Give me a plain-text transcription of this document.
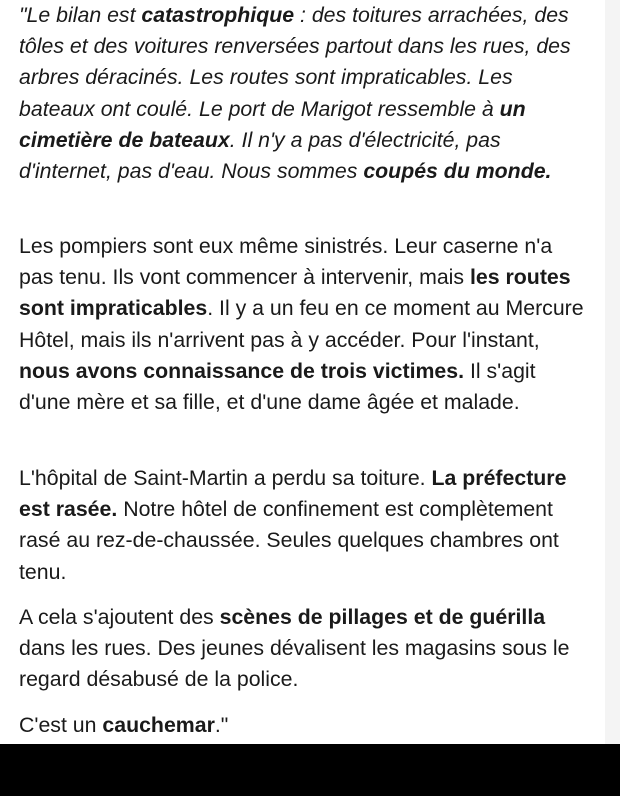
"Le bilan est catastrophique : des toitures arrachées, des tôles et des voitures renversées partout dans les rues, des arbres déracinés. Les routes sont impraticables. Les bateaux ont coulé. Le port de Marigot ressemble à un cimetière de bateaux. Il n'y a pas d'électricité, pas d'internet, pas d'eau. Nous sommes coupés du monde.

Les pompiers sont eux même sinistrés. Leur caserne n'a pas tenu. Ils vont commencer à intervenir, mais les routes sont impraticables. Il y a un feu en ce moment au Mercure Hôtel, mais ils n'arrivent pas à y accéder. Pour l'instant, nous avons connaissance de trois victimes. Il s'agit d'une mère et sa fille, et d'une dame âgée et malade.

L'hôpital de Saint-Martin a perdu sa toiture. La préfecture est rasée. Notre hôtel de confinement est complètement rasé au rez-de-chaussée. Seules quelques chambres ont tenu.

A cela s'ajoutent des scènes de pillages et de guérilla dans les rues. Des jeunes dévalisent les magasins sous le regard désabusé de la police.

C'est un cauchemar."
